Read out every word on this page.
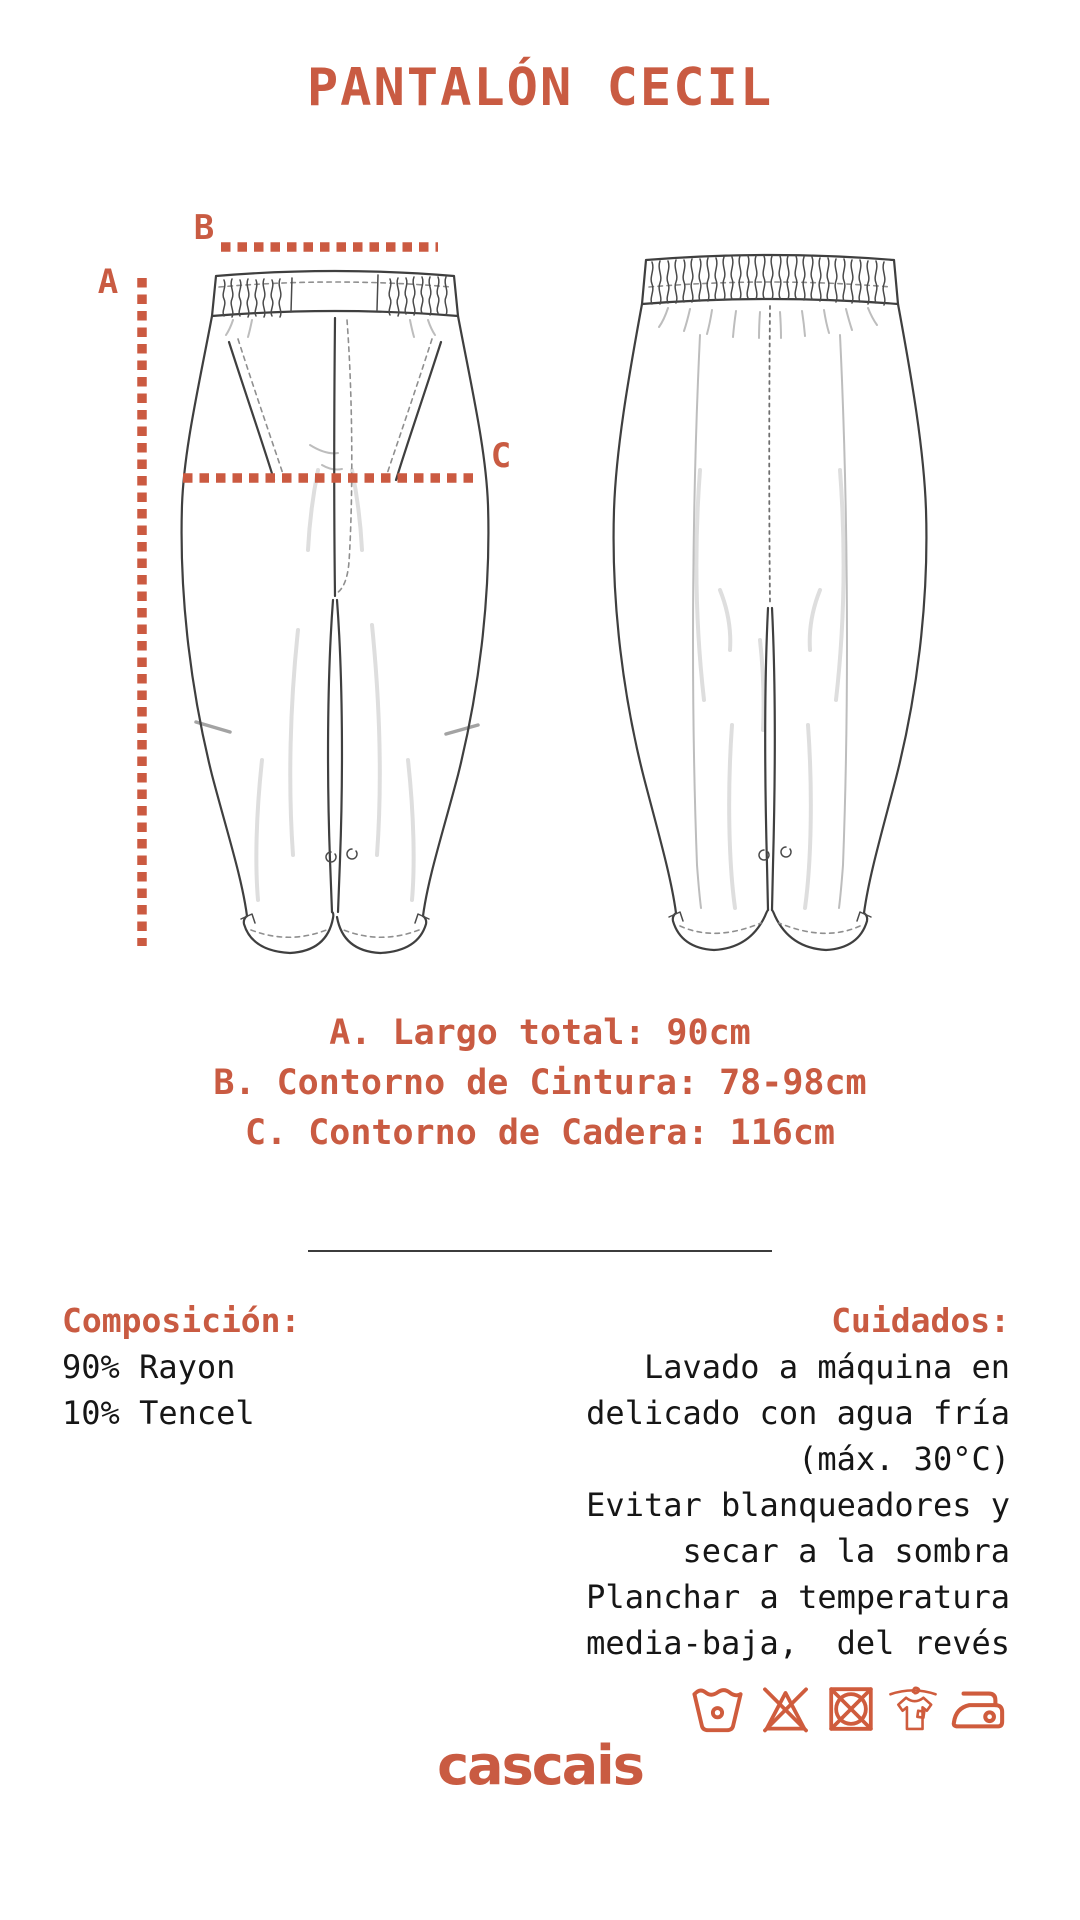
PANTALÓN CECIL
B
A
C
A. Largo total: 90cm
B. Contorno de Cintura: 78-98cm
C. Contorno de Cadera: 116cm
Composición:
90% Rayon
10% Tencel
Cuidados:
Lavado a máquina en
delicado con agua fría
(máx. 30°C)
Evitar blanqueadores y
secar a la sombra
Planchar a temperatura
media-baja,  del revés
cascais
